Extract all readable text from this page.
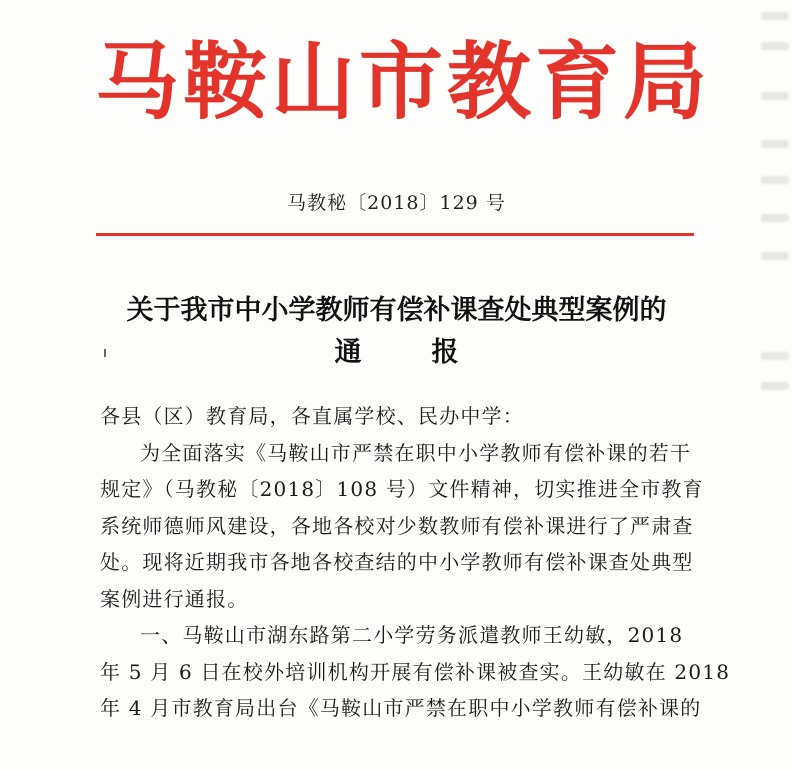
马鞍山市教育局
马教秘〔2018〕129 号
关于我市中小学教师有偿补课查处典型案例的
通报

各县（区）教育局，各直属学校、民办中学：

为全面落实《马鞍山市严禁在职中小学教师有偿补课的若干
规定》（马教秘〔2018〕108 号）文件精神，切实推进全市教育
系统师德师风建设，各地各校对少数教师有偿补课进行了严肃查
处。现将近期我市各地各校查结的中小学教师有偿补课查处典型
案例进行通报。

一、马鞍山市湖东路第二小学劳务派遣教师王幼敏，2018
年 5 月 6 日在校外培训机构开展有偿补课被查实。王幼敏在 2018
年 4 月市教育局出台《马鞍山市严禁在职中小学教师有偿补课的
